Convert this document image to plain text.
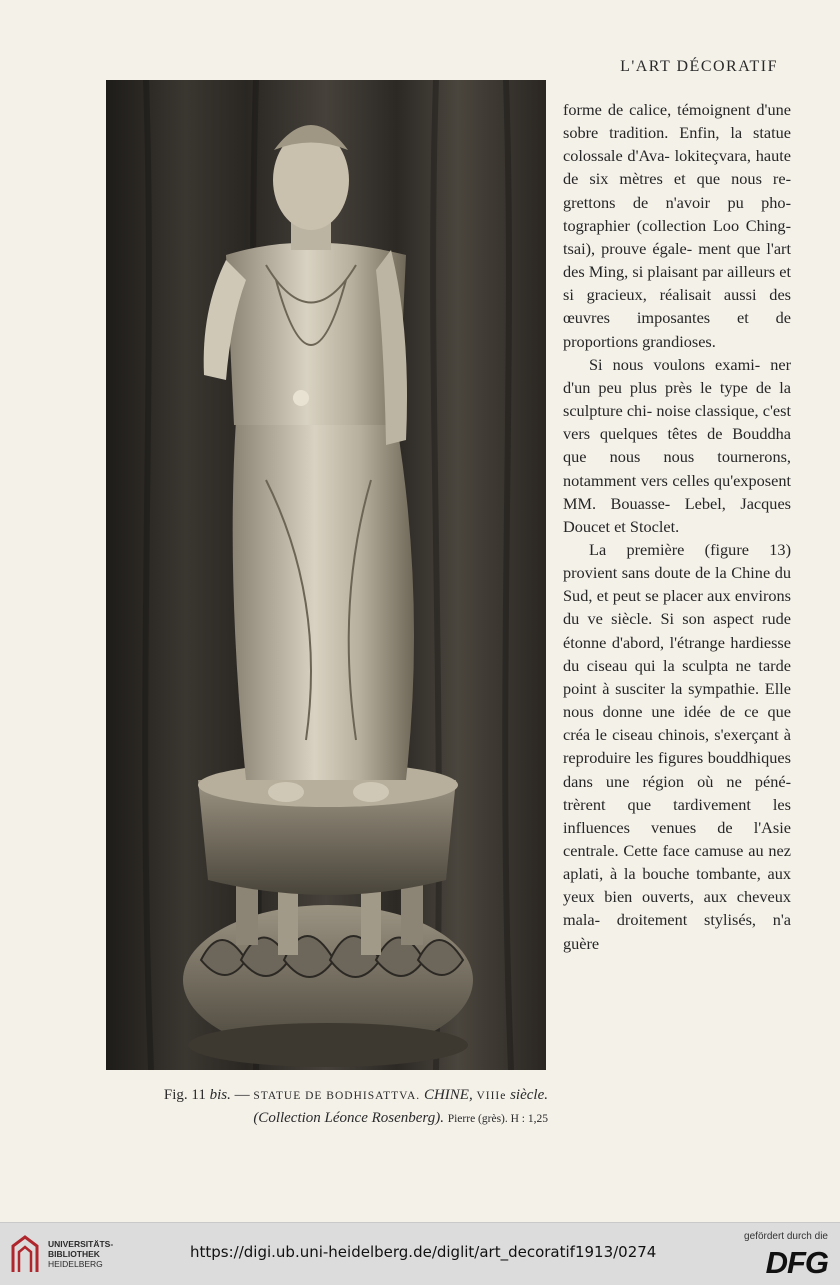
L'ART DÉCORATIF

forme de calice, témoignent d'une sobre tradition. Enfin, la statue colossale d'Ava- lokiteçvara, haute de six mètres et que nous re- grettons de n'avoir pu pho- tographier (collection Loo Ching-tsai), prouve égale- ment que l'art des Ming, si plaisant par ailleurs et si gracieux, réalisait aussi des œuvres imposantes et de proportions grandioses.

Si nous voulons exami- ner d'un peu plus près le type de la sculpture chi- noise classique, c'est vers quelques têtes de Bouddha que nous nous tournerons, notamment vers celles qu'exposent MM. Bouasse- Lebel, Jacques Doucet et Stoclet.

La première (figure 13) provient sans doute de la Chine du Sud, et peut se placer aux environs du ve siècle. Si son aspect rude étonne d'abord, l'étrange hardiesse du ciseau qui la sculpta ne tarde point à susciter la sympathie. Elle nous donne une idée de ce que créa le ciseau chinois, s'exerçant à reproduire les figures bouddhiques dans une région où ne péné- trèrent que tardivement les influences venues de l'Asie centrale. Cette face camuse au nez aplati, à la bouche tombante, aux yeux bien ouverts, aux cheveux mala- droitement stylisés, n'a guère

Fig. 11 bis. — STATUE DE BODHISATTVA. CHINE, VIIIe siècle.
(Collection Léonce Rosenberg). Pierre (grès). H : 1,25
UNIVERSITÄTS-
BIBLIOTHEK
HEIDELBERG
https://digi.ub.uni-heidelberg.de/diglit/art_decoratif1913/0274
gefördert durch die
DFG
